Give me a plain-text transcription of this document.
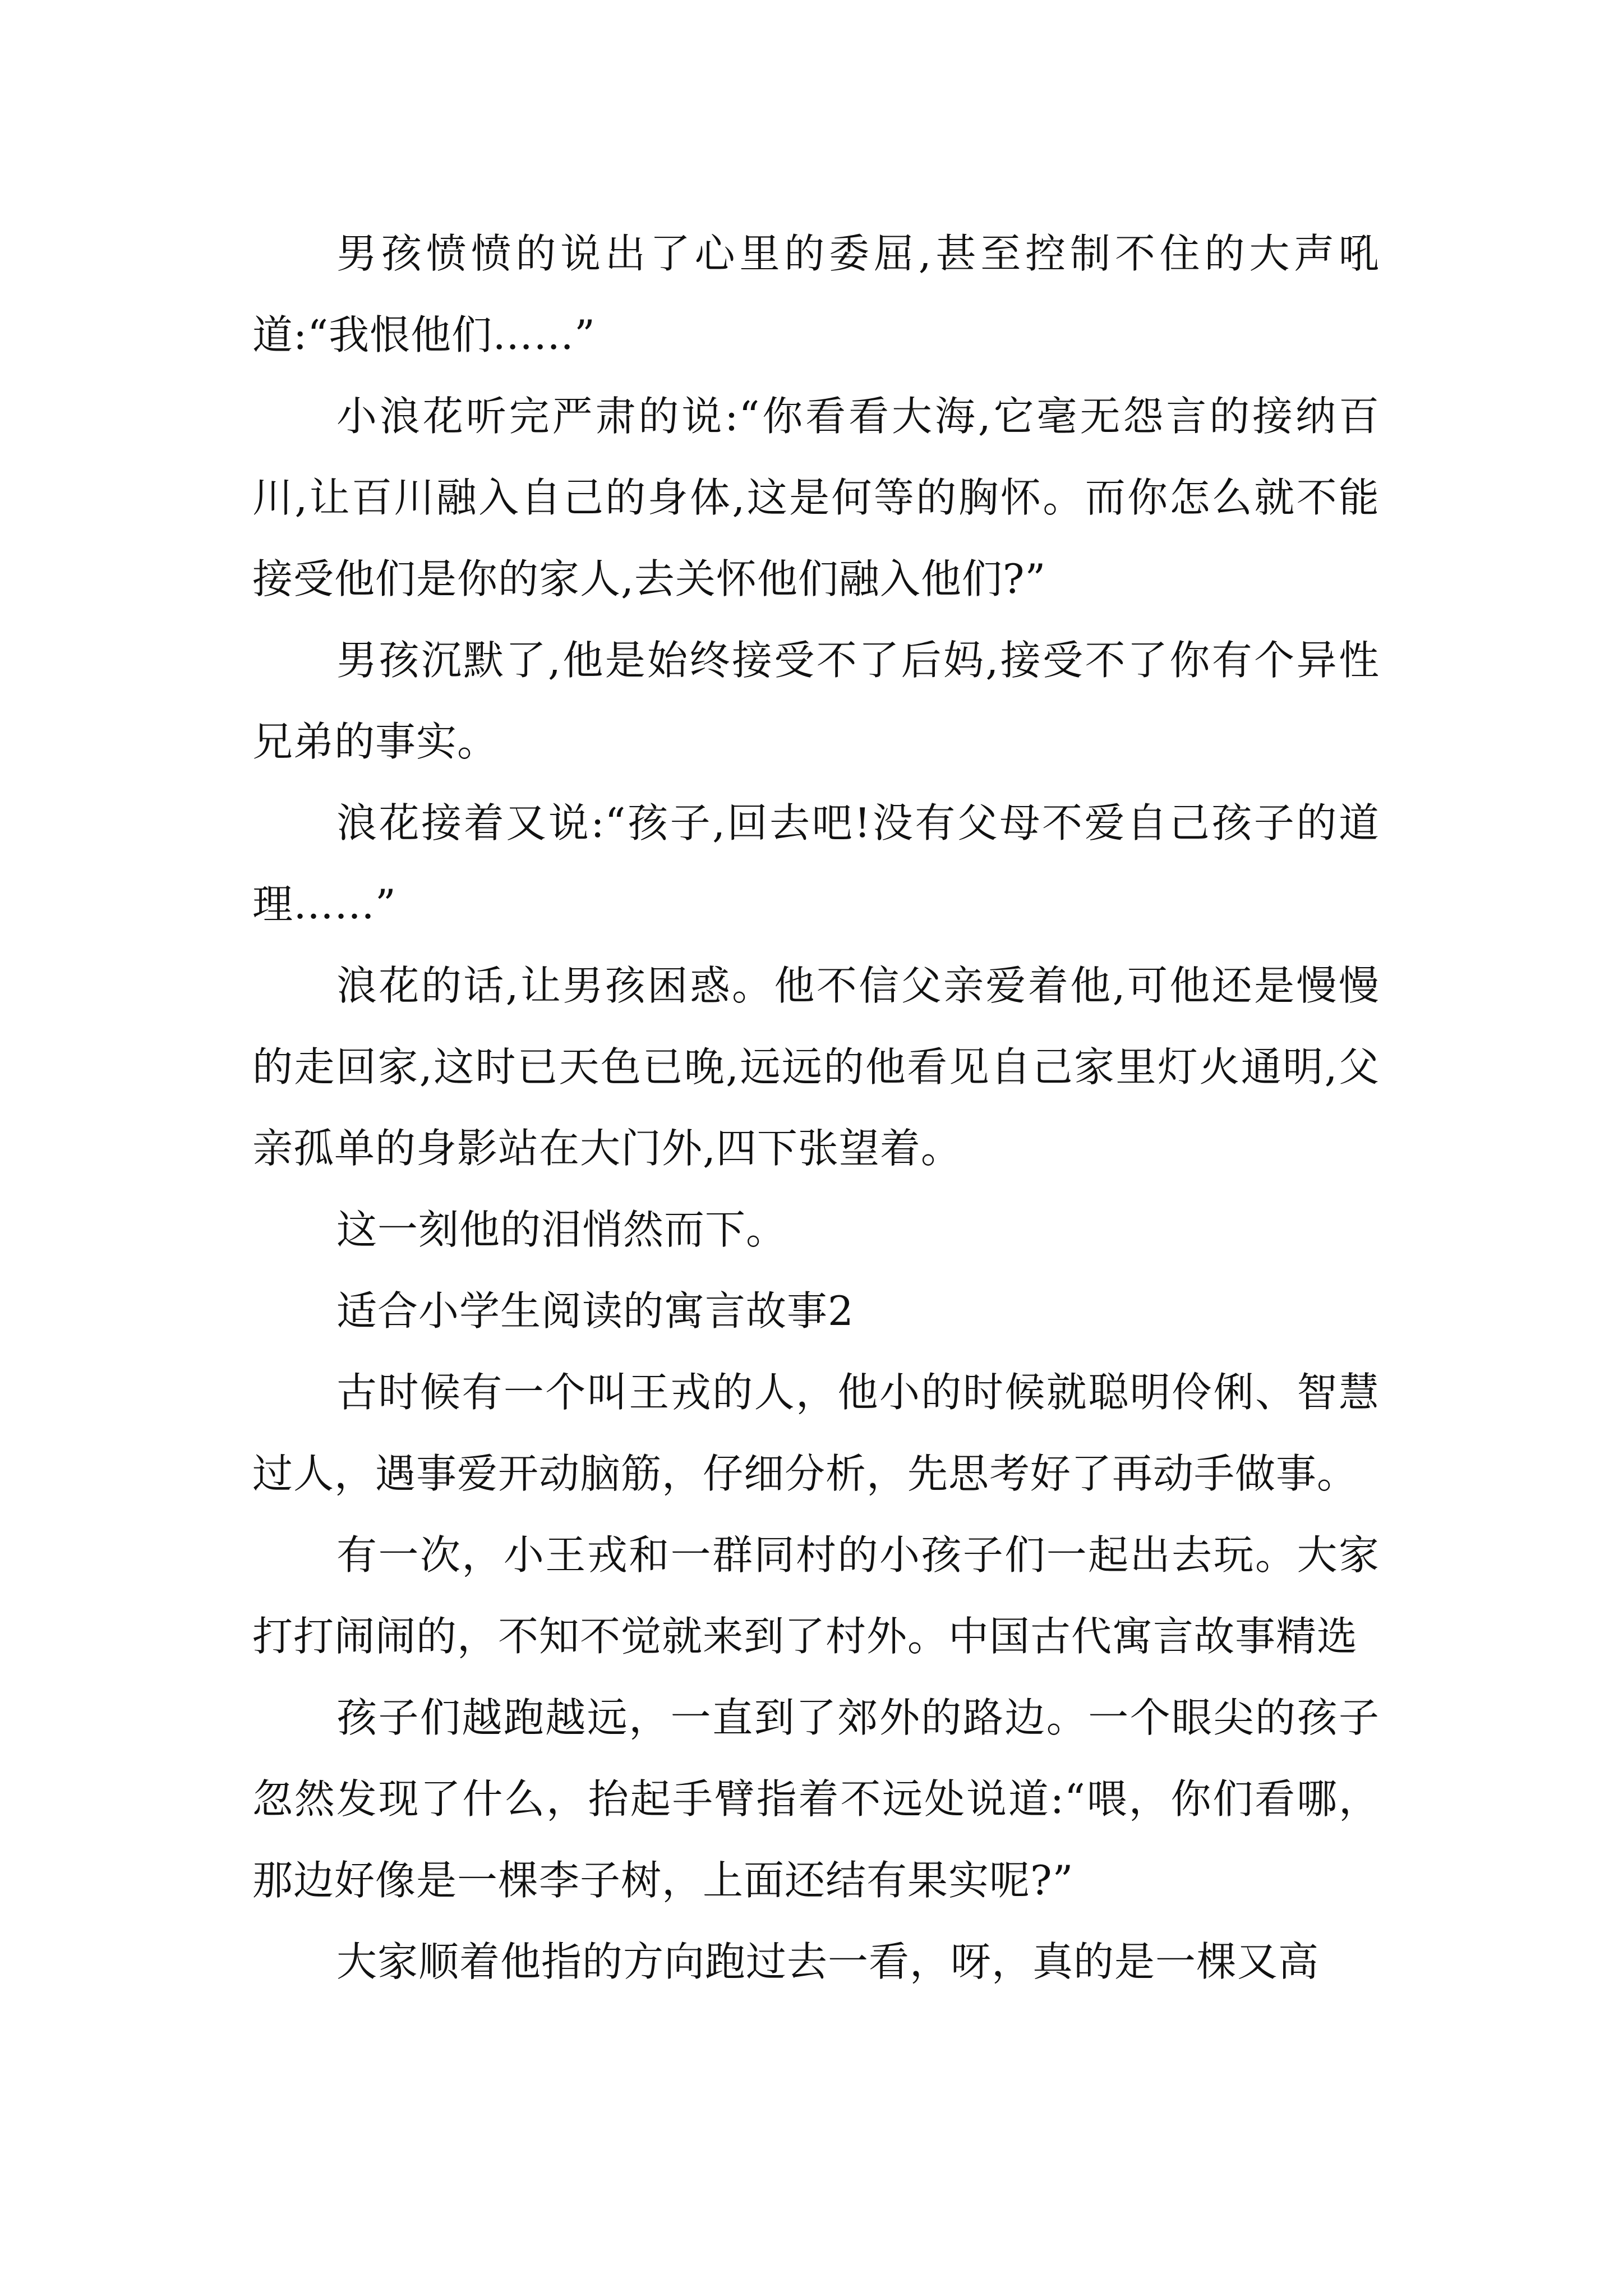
男孩愤愤的说出了心里的委屈,甚至控制不住的大声吼道:“我恨他们……”

小浪花听完严肃的说:“你看看大海,它毫无怨言的接纳百川,让百川融入自己的身体,这是何等的胸怀。而你怎么就不能接受他们是你的家人,去关怀他们融入他们?”

男孩沉默了,他是始终接受不了后妈,接受不了你有个异性兄弟的事实。

浪花接着又说:“孩子,回去吧!没有父母不爱自己孩子的道理……”

浪花的话,让男孩困惑。他不信父亲爱着他,可他还是慢慢的走回家,这时已天色已晚,远远的他看见自己家里灯火通明,父亲孤单的身影站在大门外,四下张望着。

这一刻他的泪悄然而下。

适合小学生阅读的寓言故事2

古时候有一个叫王戎的人，他小的时候就聪明伶俐、智慧过人，遇事爱开动脑筋，仔细分析，先思考好了再动手做事。

有一次，小王戎和一群同村的小孩子们一起出去玩。大家打打闹闹的，不知不觉就来到了村外。中国古代寓言故事精选

孩子们越跑越远，一直到了郊外的路边。一个眼尖的孩子忽然发现了什么，抬起手臂指着不远处说道:“喂，你们看哪，那边好像是一棵李子树，上面还结有果实呢?”

大家顺着他指的方向跑过去一看，呀，真的是一棵又高
